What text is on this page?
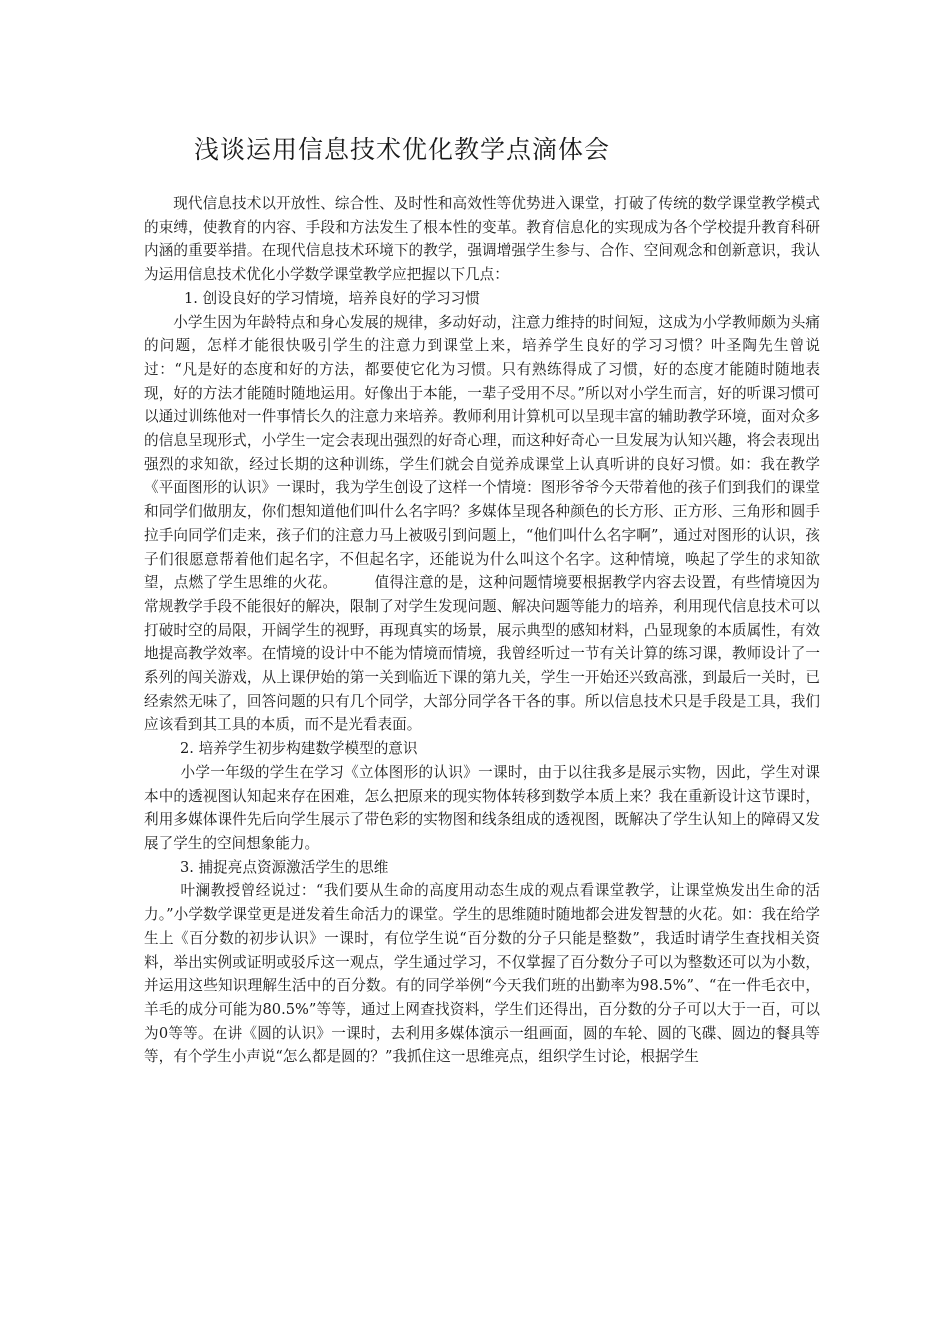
浅谈运用信息技术优化教学点滴体会

现代信息技术以开放性、综合性、及时性和高效性等优势进入课堂，打破了传统的数学课堂教学模式的束缚，使教育的内容、手段和方法发生了根本性的变革。教育信息化的实现成为各个学校提升教育科研内涵的重要举措。在现代信息技术环境下的教学，强调增强学生参与、合作、空间观念和创新意识，我认为运用信息技术优化小学数学课堂教学应把握以下几点：

1. 创设良好的学习情境，培养良好的学习习惯

小学生因为年龄特点和身心发展的规律，多动好动，注意力维持的时间短，这成为小学教师颇为头痛的问题，怎样才能很快吸引学生的注意力到课堂上来，培养学生良好的学习习惯？叶圣陶先生曾说过：“凡是好的态度和好的方法，都要使它化为习惯。只有熟练得成了习惯，好的态度才能随时随地表现，好的方法才能随时随地运用。好像出于本能，一辈子受用不尽。”所以对小学生而言，好的听课习惯可以通过训练他对一件事情长久的注意力来培养。教师利用计算机可以呈现丰富的辅助教学环境，面对众多的信息呈现形式，小学生一定会表现出强烈的好奇心理，而这种好奇心一旦发展为认知兴趣，将会表现出强烈的求知欲，经过长期的这种训练，学生们就会自觉养成课堂上认真听讲的良好习惯。如：我在教学《平面图形的认识》一课时，我为学生创设了这样一个情境：图形爷爷今天带着他的孩子们到我们的课堂和同学们做朋友，你们想知道他们叫什么名字吗？多媒体呈现各种颜色的长方形、正方形、三角形和圆手拉手向同学们走来，孩子们的注意力马上被吸引到问题上，“他们叫什么名字啊”，通过对图形的认识，孩子们很愿意帮着他们起名字，不但起名字，还能说为什么叫这个名字。这种情境，唤起了学生的求知欲望，点燃了学生思维的火花。　　　值得注意的是，这种问题情境要根据教学内容去设置，有些情境因为常规教学手段不能很好的解决，限制了对学生发现问题、解决问题等能力的培养，利用现代信息技术可以打破时空的局限，开阔学生的视野，再现真实的场景，展示典型的感知材料，凸显现象的本质属性，有效地提高教学效率。在情境的设计中不能为情境而情境，我曾经听过一节有关计算的练习课，教师设计了一系列的闯关游戏，从上课伊始的第一关到临近下课的第九关，学生一开始还兴致高涨，到最后一关时，已经索然无味了，回答问题的只有几个同学，大部分同学各干各的事。所以信息技术只是手段是工具，我们应该看到其工具的本质，而不是光看表面。

2. 培养学生初步构建数学模型的意识

小学一年级的学生在学习《立体图形的认识》一课时，由于以往我多是展示实物，因此，学生对课本中的透视图认知起来存在困难，怎么把原来的现实物体转移到数学本质上来？我在重新设计这节课时，利用多媒体课件先后向学生展示了带色彩的实物图和线条组成的透视图，既解决了学生认知上的障碍又发展了学生的空间想象能力。

3. 捕捉亮点资源激活学生的思维

叶澜教授曾经说过：“我们要从生命的高度用动态生成的观点看课堂教学，让课堂焕发出生命的活力。”小学数学课堂更是迸发着生命活力的课堂。学生的思维随时随地都会进发智慧的火花。如：我在给学生上《百分数的初步认识》一课时，有位学生说“百分数的分子只能是整数”，我适时请学生查找相关资料，举出实例或证明或驳斥这一观点，学生通过学习，不仅掌握了百分数分子可以为整数还可以为小数，并运用这些知识理解生活中的百分数。有的同学举例“今天我们班的出勤率为98.5%”、“在一件毛衣中，羊毛的成分可能为80.5%”等等，通过上网查找资料，学生们还得出，百分数的分子可以大于一百，可以为0等等。在讲《圆的认识》一课时，去利用多媒体演示一组画面，圆的车轮、圆的飞碟、圆边的餐具等等，有个学生小声说“怎么都是圆的？”我抓住这一思维亮点，组织学生讨论，根据学生
